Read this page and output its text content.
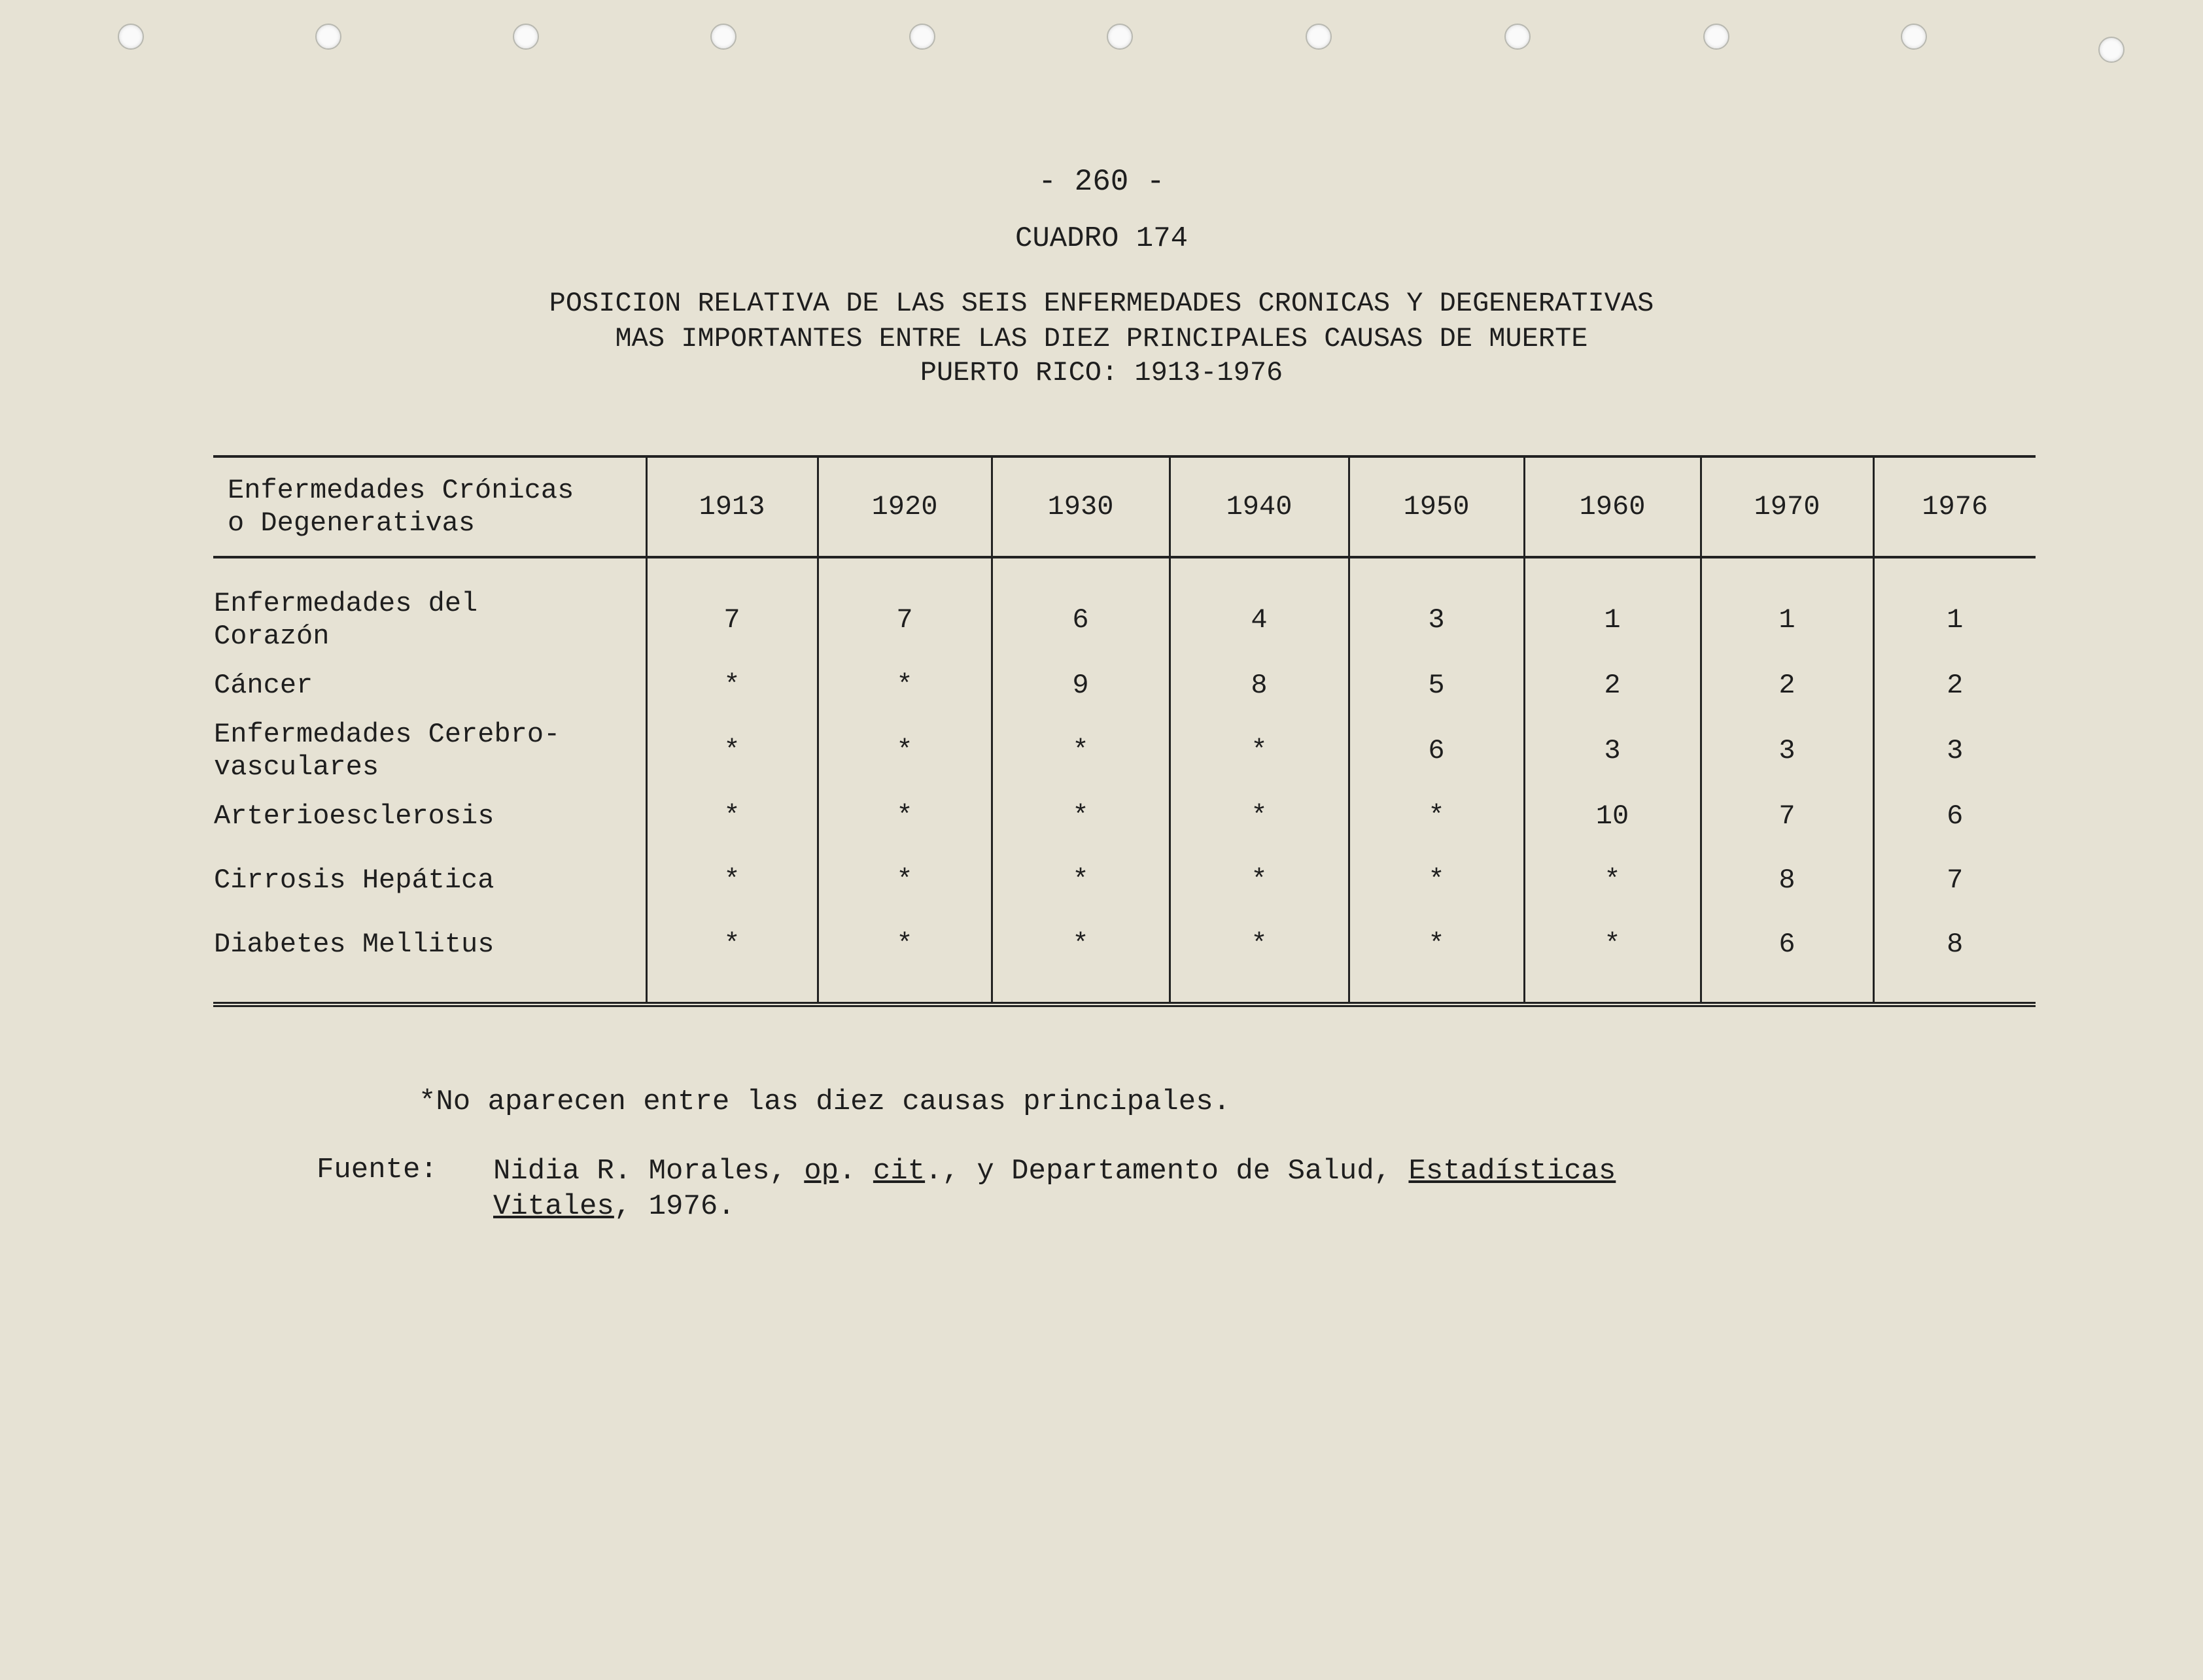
- 260 -
CUADRO 174
POSICION RELATIVA DE LAS SEIS ENFERMEDADES CRONICAS Y DEGENERATIVAS
MAS IMPORTANTES ENTRE LAS DIEZ PRINCIPALES CAUSAS DE MUERTE
PUERTO RICO: 1913-1976
Enfermedades Crónicas
o Degenerativas	1913	1920	1930	1940	1950	1960	1970	1976
Enfermedades del
Corazón	7	7	6	4	3	1	1	1
Cáncer	*	*	9	8	5	2	2	2
Enfermedades Cerebro-
vasculares	*	*	*	*	6	3	3	3
Arterioesclerosis	*	*	*	*	*	10	7	6
Cirrosis Hepática	*	*	*	*	*	*	8	7
Diabetes Mellitus	*	*	*	*	*	*	6	8
*No aparecen entre las diez causas principales.
Fuente: Nidia R. Morales, op. cit., y Departamento de Salud, Estadísticas
Vitales, 1976.
